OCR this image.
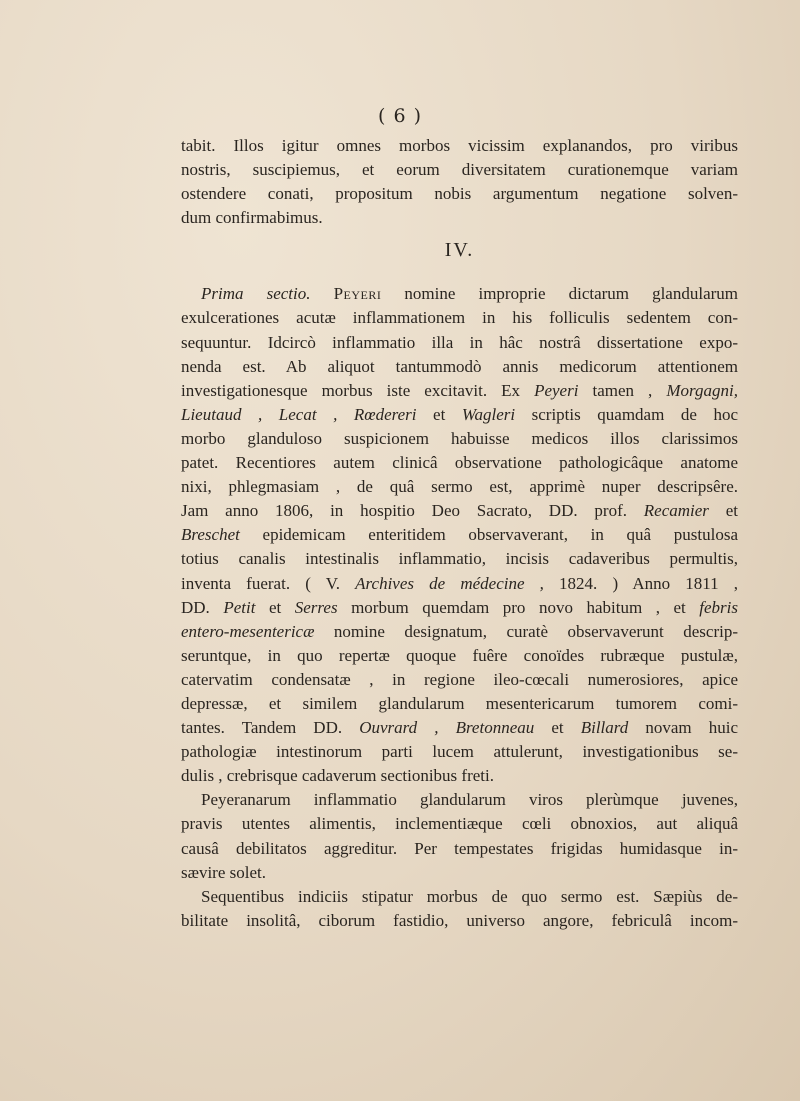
( 6 )
tabit. Illos igitur omnes morbos vicissim explanandos, pro viribus
nostris, suscipiemus, et eorum diversitatem curationemque variam
ostendere conati, propositum nobis argumentum negatione solven-
dum confirmabimus.
IV.
Prima sectio. Peyeri nomine improprie dictarum glandularum
exulcerationes acutæ inflammationem in his folliculis sedentem con-
sequuntur. Idcircò inflammatio illa in hâc nostrâ dissertatione expo-
nenda est. Ab aliquot tantummodò annis medicorum attentionem
investigationesque morbus iste excitavit. Ex Peyeri tamen , Morgagni,
Lieutaud , Lecat , Rœdereri et Wagleri scriptis quamdam de hoc
morbo glanduloso suspicionem habuisse medicos illos clarissimos
patet. Recentiores autem clinicâ observatione pathologicâque anatome
nixi, phlegmasiam , de quâ sermo est, apprimè nuper descripsêre.
Jam anno 1806, in hospitio Deo Sacrato, DD. prof. Recamier et
Breschet epidemicam enteritidem observaverant, in quâ pustulosa
totius canalis intestinalis inflammatio, incisis cadaveribus permultis,
inventa fuerat. ( V. Archives de médecine , 1824. ) Anno 1811 ,
DD. Petit et Serres morbum quemdam pro novo habitum , et febris
entero-mesentericæ nomine designatum, curatè observaverunt descrip-
seruntque, in quo repertæ quoque fuêre conoïdes rubræque pustulæ,
catervatim condensatæ , in regione ileo-cœcali numerosiores, apice
depressæ, et similem glandularum mesentericarum tumorem comi-
tantes. Tandem DD. Ouvrard , Bretonneau et Billard novam huic
pathologiæ intestinorum parti lucem attulerunt, investigationibus se-
dulis , crebrisque cadaverum sectionibus freti.
Peyeranarum inflammatio glandularum viros plerùmque juvenes,
pravis utentes alimentis, inclementiæque cœli obnoxios, aut aliquâ
causâ debilitatos aggreditur. Per tempestates frigidas humidasque in-
sævire solet.
Sequentibus indiciis stipatur morbus de quo sermo est. Sæpiùs de-
bilitate insolitâ, ciborum fastidio, universo angore, febriculâ incom-
